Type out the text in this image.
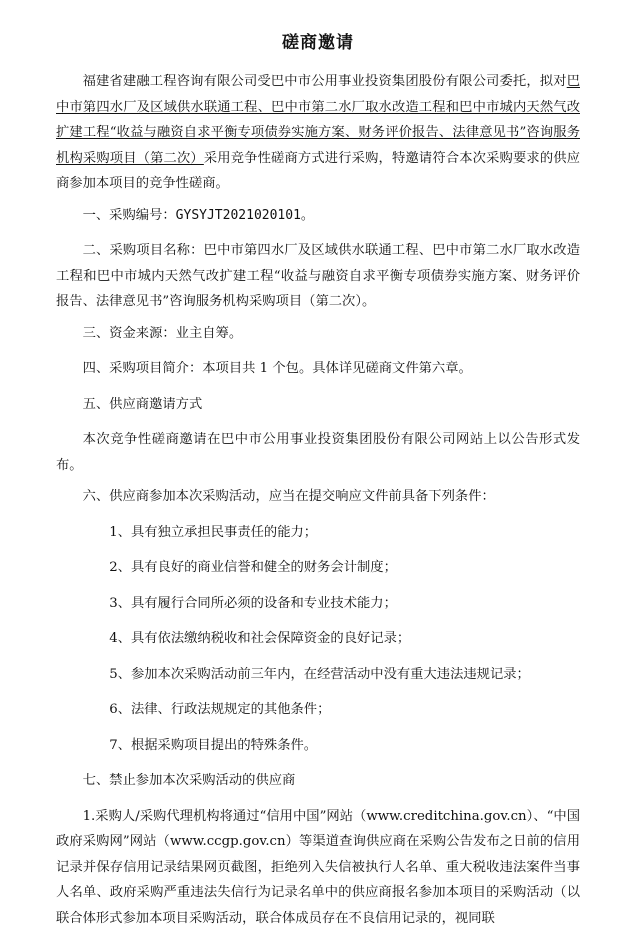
磋商邀请

福建省建融工程咨询有限公司受巴中市公用事业投资集团股份有限公司委托，拟对巴中市第四水厂及区域供水联通工程、巴中市第二水厂取水改造工程和巴中市城内天然气改扩建工程“收益与融资自求平衡专项债券实施方案、财务评价报告、法律意见书”咨询服务机构采购项目（第二次）采用竞争性磋商方式进行采购，特邀请符合本次采购要求的供应商参加本项目的竞争性磋商。

一、采购编号：GYSYJT2021020101。

二、采购项目名称：巴中市第四水厂及区域供水联通工程、巴中市第二水厂取水改造工程和巴中市城内天然气改扩建工程“收益与融资自求平衡专项债券实施方案、财务评价报告、法律意见书”咨询服务机构采购项目（第二次）。

三、资金来源：业主自筹。

四、采购项目简介：本项目共 1 个包。具体详见磋商文件第六章。

五、供应商邀请方式

本次竞争性磋商邀请在巴中市公用事业投资集团股份有限公司网站上以公告形式发布。

六、供应商参加本次采购活动，应当在提交响应文件前具备下列条件：

1、具有独立承担民事责任的能力；

2、具有良好的商业信誉和健全的财务会计制度；

3、具有履行合同所必须的设备和专业技术能力；

4、具有依法缴纳税收和社会保障资金的良好记录；

5、参加本次采购活动前三年内，在经营活动中没有重大违法违规记录；

6、法律、行政法规规定的其他条件；

7、根据采购项目提出的特殊条件。

七、禁止参加本次采购活动的供应商

1.采购人/采购代理机构将通过“信用中国”网站（www.creditchina.gov.cn）、“中国政府采购网”网站（www.ccgp.gov.cn）等渠道查询供应商在采购公告发布之日前的信用记录并保存信用记录结果网页截图，拒绝列入失信被执行人名单、重大税收违法案件当事人名单、政府采购严重违法失信行为记录名单中的供应商报名参加本项目的采购活动（以联合体形式参加本项目采购活动，联合体成员存在不良信用记录的，视同联
